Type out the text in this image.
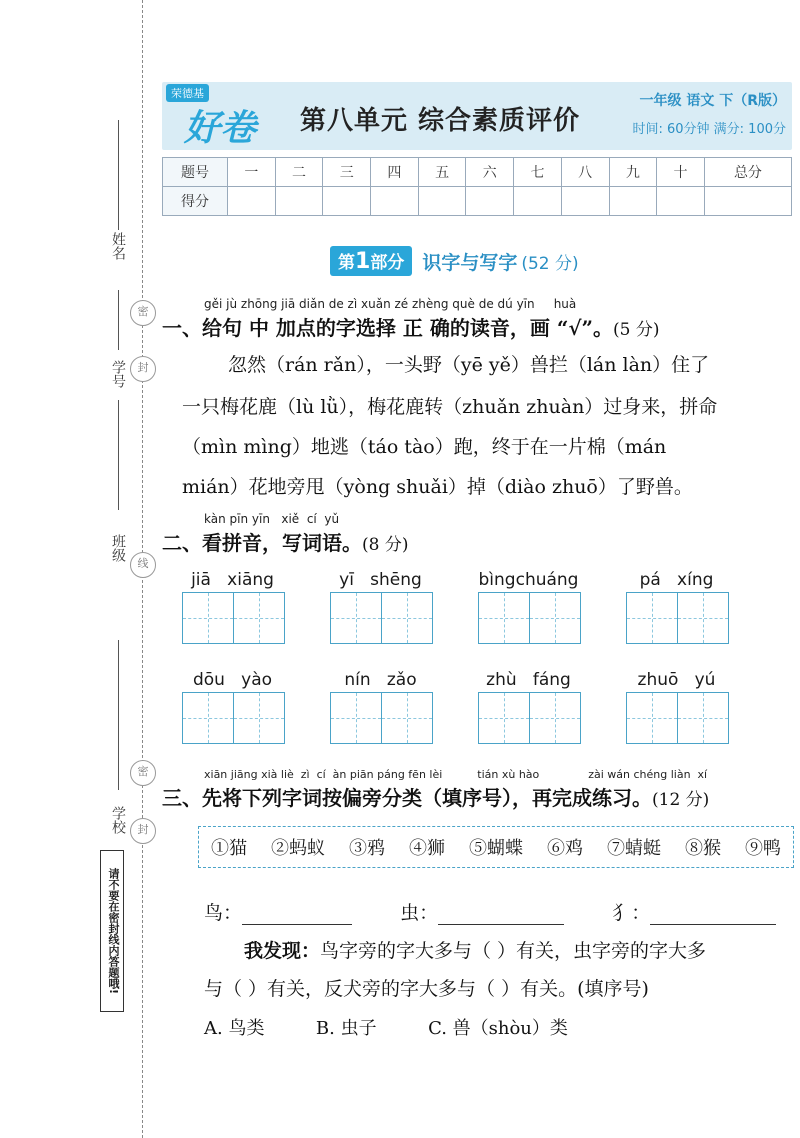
姓名
学号
班级
学校
密
封
线
密
封
请不要在密封线内答题哦!
荣德基
好卷 第八单元 综合素质评价
一年级 语文 下（R版）
时间: 60分钟 满分: 100分
题号	一	二	三	四	五	六	七	八	九	十	总分
得分											
第1部分 识字与写字 (52 分)
gěi jù zhōng jiā diǎn de zì xuǎn zé zhèng què de dú yīn     huà
一、给句 中 加点的字选择 正 确的读音，画 “√”。(5 分)
忽然（rán rǎn），一头野（yē yě）兽拦（lán làn）住了
一只梅花鹿（lù lǜ），梅花鹿转（zhuǎn zhuàn）过身来，拼命
（mìn mìng）地逃（táo tào）跑，终于在一片棉（mán
mián）花地旁甩（yòng shuǎi）掉（diào zhuō）了野兽。
kàn pīn yīn   xiě  cí  yǔ
二、看拼音，写词语。(8 分)
jiā xiāng	yī shēng	bìngchuáng	pá xíng
dōu yào	nín zǎo	zhù fáng	zhuō yú
xiān jiāng xià liè  zì  cí  àn piān páng fēn lèi          tián xù hào              zài wán chéng liàn  xí
三、先将下列字词按偏旁分类（填序号），再完成练习。(12 分)
①猫 ②蚂蚁 ③鸦 ④狮 ⑤蝴蝶 ⑥鸡 ⑦蜻蜓 ⑧猴 ⑨鸭
鸟：	虫：	犭：
我发现：鸟字旁的字大多与（ ）有关，虫字旁的字大多
与（ ）有关，反犬旁的字大多与（ ）有关。(填序号)
A. 鸟类	B. 虫子	C. 兽（shòu）类
